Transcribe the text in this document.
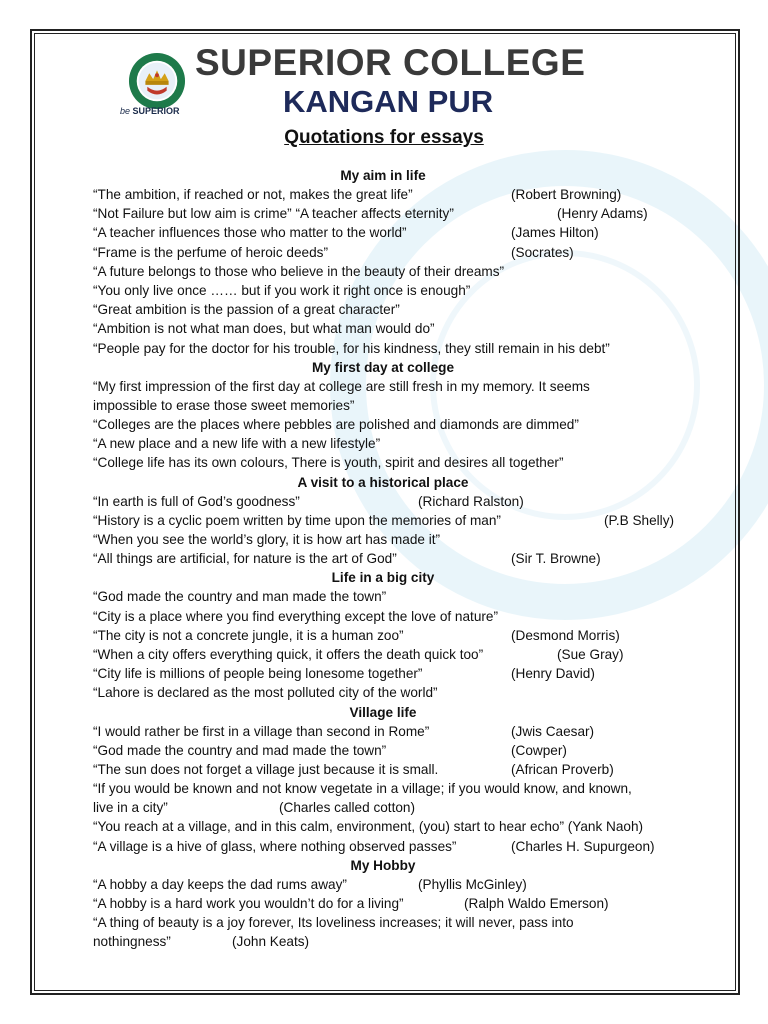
be SUPERIOR
SUPERIOR COLLEGE
KANGAN PUR
Quotations for essays
My aim in life
“The ambition, if reached or not, makes the great life”	(Robert Browning)
“Not Failure but low aim is crime” “A teacher affects eternity”	(Henry Adams)
“A teacher influences those who matter to the world”	(James Hilton)
“Frame is the perfume of heroic deeds”	(Socrates)
“A future belongs to those who believe in the beauty of their dreams”
“You only live once …… but if you work it right once is enough”
“Great ambition is the passion of a great character”
“Ambition is not what man does, but what man would do”
“People pay for the doctor for his trouble, for his kindness, they still remain in his debt”
My first day at college
“My first impression of the first day at college are still fresh in my memory. It seems
impossible to erase those sweet memories”
“Colleges are the places where pebbles are polished and diamonds are dimmed”
“A new place and a new life with a new lifestyle”
“College life has its own colours, There is youth, spirit and desires all together”
A visit to a historical place
“In earth is full of God’s goodness”	(Richard Ralston)
“History is a cyclic poem written by time upon the memories of man”	(P.B Shelly)
“When you see the world’s glory, it is how art has made it”
“All things are artificial, for nature is the art of God”	(Sir T. Browne)
Life in a big city
“God made the country and man made the town”
“City is a place where you find everything except the love of nature”
“The city is not a concrete jungle, it is a human zoo”	(Desmond Morris)
“When a city offers everything quick, it offers the death quick too”	(Sue Gray)
“City life is millions of people being lonesome together”	(Henry David)
“Lahore is declared as the most polluted city of the world”
Village life
“I would rather be first in a village than second in Rome”	(Jwis Caesar)
“God made the country and mad made the town”	(Cowper)
“The sun does not forget a village just because it is small.	(African Proverb)
“If you would be known and not know vegetate in a village; if you would know, and known,
live in a city”	(Charles called cotton)
“You reach at a village, and in this calm, environment, (you) start to hear echo” (Yank Naoh)
“A village is a hive of glass, where nothing observed passes”	(Charles H. Supurgeon)
My Hobby
“A hobby a day keeps the dad rums away”	(Phyllis McGinley)
“A hobby is a hard work you wouldn’t do for a living”	(Ralph Waldo Emerson)
“A thing of beauty is a joy forever, Its loveliness increases; it will never, pass into
nothingness”	(John Keats)
